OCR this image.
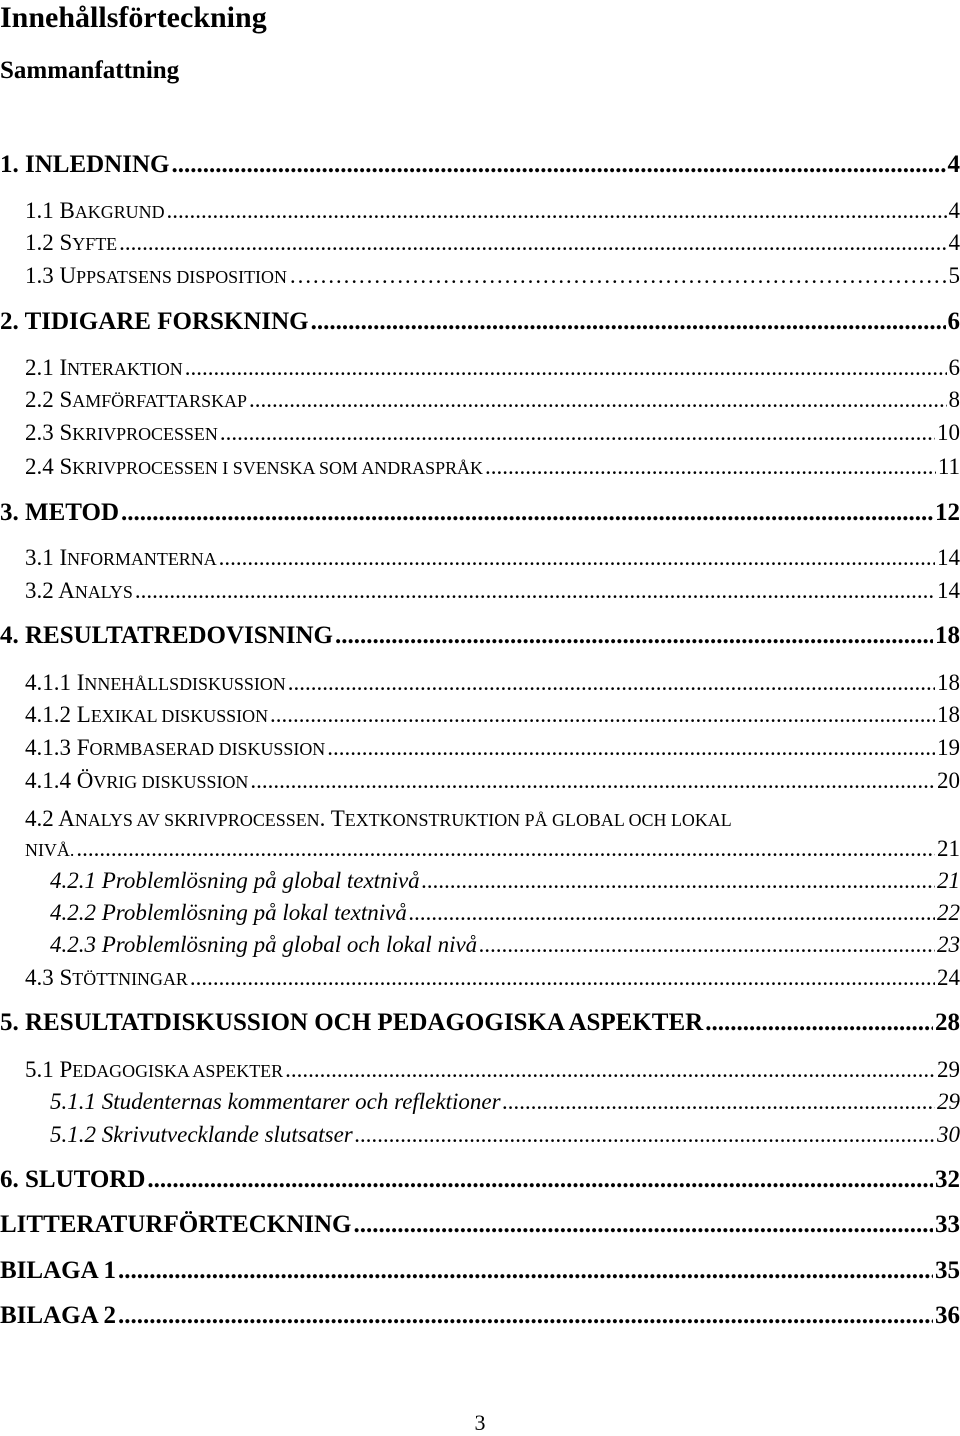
Innehållsförteckning
Sammanfattning
1. INLEDNING .....	4
1.1 BAKGRUND .....	4
1.2 SYFTE .....	4
1.3 UPPSATSENS DISPOSITION ……………………………………………………………………………………………………………………………………………………………………………………………………………………	5
2. TIDIGARE FORSKNING .....	6
2.1 INTERAKTION .....	6
2.2 SAMFÖRFATTARSKAP .....	8
2.3 SKRIVPROCESSEN .....	10
2.4 SKRIVPROCESSEN I SVENSKA SOM ANDRASPRÅK .....	11
3. METOD .....	12
3.1 INFORMANTERNA .....	14
3.2 ANALYS .....	14
4. RESULTATREDOVISNING .....	18
4.1.1 INNEHÅLLSDISKUSSION .....	18
4.1.2 LEXIKAL DISKUSSION .....	18
4.1.3 FORMBASERAD DISKUSSION .....	19
4.1.4 ÖVRIG DISKUSSION .....	20
4.2 ANALYS AV SKRIVPROCESSEN. TEXTKONSTRUKTION PÅ GLOBAL OCH LOKAL
NIVÅ. .....	21
4.2.1 Problemlösning på global textnivå .....	21
4.2.2 Problemlösning på lokal textnivå .....	22
4.2.3 Problemlösning på global och lokal nivå .....	23
4.3 STÖTTNINGAR .....	24
5. RESULTATDISKUSSION OCH PEDAGOGISKA ASPEKTER .....	28
5.1 PEDAGOGISKA ASPEKTER .....	29
5.1.1 Studenternas kommentarer och reflektioner .....	29
5.1.2 Skrivutvecklande slutsatser .....	30
6. SLUTORD .....	32
LITTERATURFÖRTECKNING .....	33
BILAGA 1 .....	35
BILAGA 2 .....	36
3
